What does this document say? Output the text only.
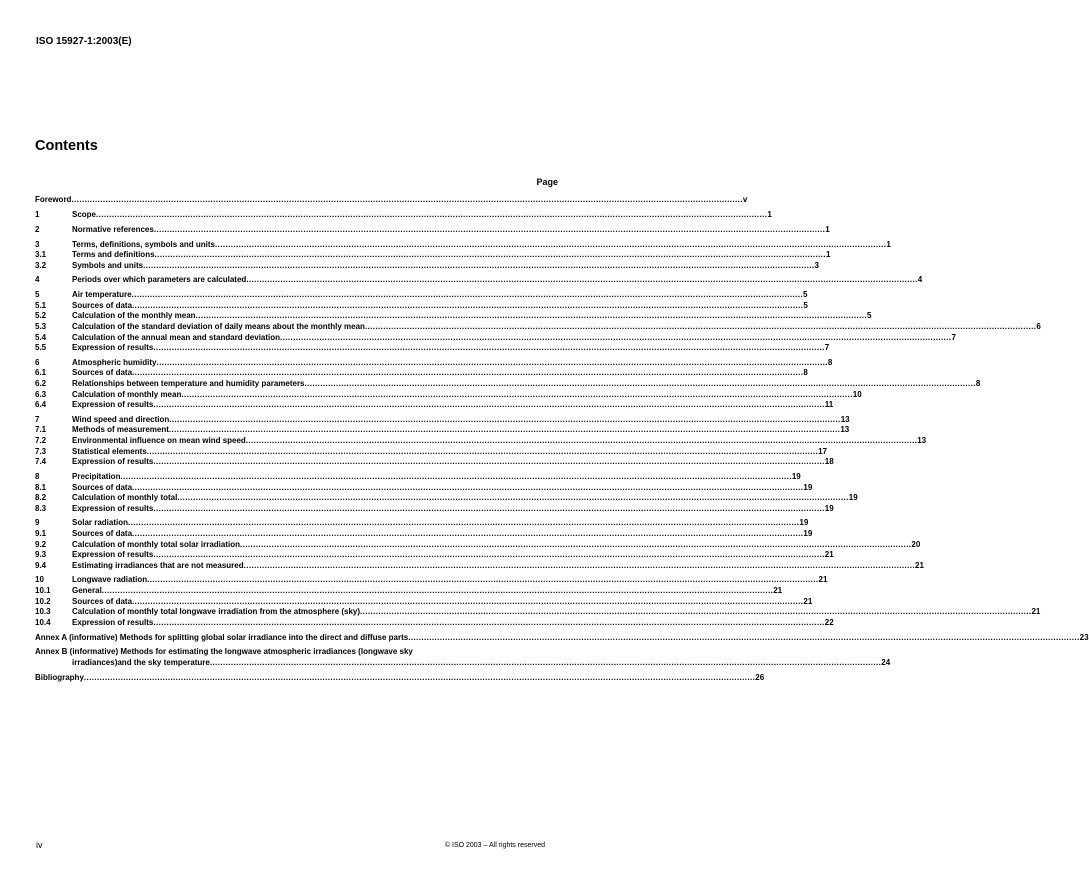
ISO 15927-1:2003(E)
Contents
Page
Foreword .....	v
1	Scope .....	1
2	Normative references .....	1
3	Terms, definitions, symbols and units .....	1
3.1	Terms and definitions .....	1
3.2	Symbols and units .....	3
4	Periods over which parameters are calculated .....	4
5	Air temperature .....	5
5.1	Sources of data .....	5
5.2	Calculation of the monthly mean .....	5
5.3	Calculation of the standard deviation of daily means about the monthly mean .....	6
5.4	Calculation of the annual mean and standard deviation .....	7
5.5	Expression of results .....	7
6	Atmospheric humidity .....	8
6.1	Sources of data .....	8
6.2	Relationships between temperature and humidity parameters .....	8
6.3	Calculation of monthly mean .....	10
6.4	Expression of results .....	11
7	Wind speed and direction .....	13
7.1	Methods of measurement .....	13
7.2	Environmental influence on mean wind speed .....	13
7.3	Statistical elements .....	17
7.4	Expression of results .....	18
8	Precipitation .....	19
8.1	Sources of data .....	19
8.2	Calculation of monthly total .....	19
8.3	Expression of results .....	19
9	Solar radiation .....	19
9.1	Sources of data .....	19
9.2	Calculation of monthly total solar irradiation .....	20
9.3	Expression of results .....	21
9.4	Estimating irradiances that are not measured .....	21
10	Longwave radiation .....	21
10.1	General .....	21
10.2	Sources of data .....	21
10.3	Calculation of monthly total longwave irradiation from the atmosphere (sky) .....	21
10.4	Expression of results .....	22
Annex A (informative) Methods for splitting global solar irradiance into the direct and diffuse parts .....	23
Annex B (informative) Methods for estimating the longwave atmospheric irradiances (longwave sky
irradiances)and the sky temperature .....	24
Bibliography .....	26
iv	© ISO 2003 – All rights reserved
